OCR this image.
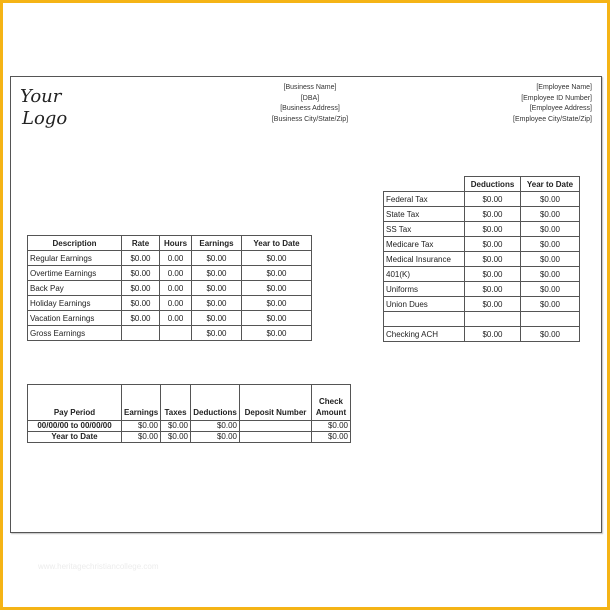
Your
Logo
[Business Name]
[DBA]
[Business Address]
[Business City/State/Zip]
[Employee Name]
[Employee ID Number]
[Employee Address]
[Employee City/State/Zip]
Description	Rate	Hours	Earnings	Year to Date
Regular Earnings	$0.00	0.00	$0.00	$0.00
Overtime Earnings	$0.00	0.00	$0.00	$0.00
Back Pay	$0.00	0.00	$0.00	$0.00
Holiday Earnings	$0.00	0.00	$0.00	$0.00
Vacation Earnings	$0.00	0.00	$0.00	$0.00
Gross Earnings			$0.00	$0.00
	Deductions	Year to Date
Federal Tax	$0.00	$0.00
State Tax	$0.00	$0.00
SS Tax	$0.00	$0.00
Medicare Tax	$0.00	$0.00
Medical Insurance	$0.00	$0.00
401(K)	$0.00	$0.00
Uniforms	$0.00	$0.00
Union Dues	$0.00	$0.00

Checking ACH	$0.00	$0.00
Pay Period	Earnings	Taxes	Deductions	Deposit Number	Check Amount
00/00/00 to 00/00/00	$0.00	$0.00	$0.00		$0.00
Year to Date	$0.00	$0.00	$0.00		$0.00
www.heritagechristiancollege.com
